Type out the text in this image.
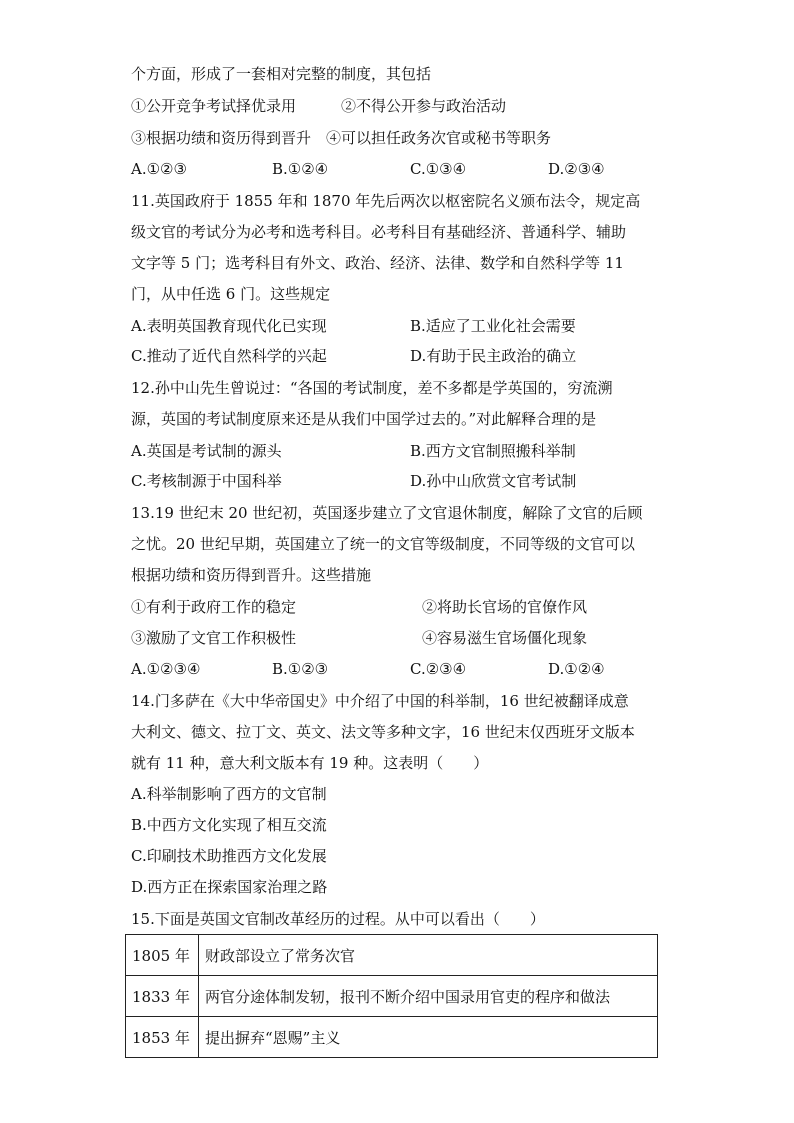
个方面，形成了一套相对完整的制度，其包括
①公开竞争考试择优录用　　　②不得公开参与政治活动
③根据功绩和资历得到晋升　④可以担任政务次官或秘书等职务
A.①②③	B.①②④	C.①③④	D.②③④
11.英国政府于 1855 年和 1870 年先后两次以枢密院名义颁布法令，规定高
级文官的考试分为必考和选考科目。必考科目有基础经济、普通科学、辅助
文字等 5 门；选考科目有外文、政治、经济、法律、数学和自然科学等 11
门，从中任选 6 门。这些规定
A.表明英国教育现代化已实现	B.适应了工业化社会需要
C.推动了近代自然科学的兴起	D.有助于民主政治的确立
12.孙中山先生曾说过：“各国的考试制度，差不多都是学英国的，穷流溯
源，英国的考试制度原来还是从我们中国学过去的。”对此解释合理的是
A.英国是考试制的源头	B.西方文官制照搬科举制
C.考核制源于中国科举	D.孙中山欣赏文官考试制
13.19 世纪末 20 世纪初，英国逐步建立了文官退休制度，解除了文官的后顾
之忧。20 世纪早期，英国建立了统一的文官等级制度，不同等级的文官可以
根据功绩和资历得到晋升。这些措施
①有利于政府工作的稳定	②将助长官场的官僚作风
③激励了文官工作积极性	④容易滋生官场僵化现象
A.①②③④	B.①②③	C.②③④	D.①②④
14.门多萨在《大中华帝国史》中介绍了中国的科举制，16 世纪被翻译成意
大利文、德文、拉丁文、英文、法文等多种文字，16 世纪末仅西班牙文版本
就有 11 种，意大利文版本有 19 种。这表明（　　）
A.科举制影响了西方的文官制
B.中西方文化实现了相互交流
C.印刷技术助推西方文化发展
D.西方正在探索国家治理之路
15.下面是英国文官制改革经历的过程。从中可以看出（　　）
1805 年	财政部设立了常务次官
1833 年	两官分途体制发轫，报刊不断介绍中国录用官吏的程序和做法
1853 年	提出摒弃“恩赐”主义
